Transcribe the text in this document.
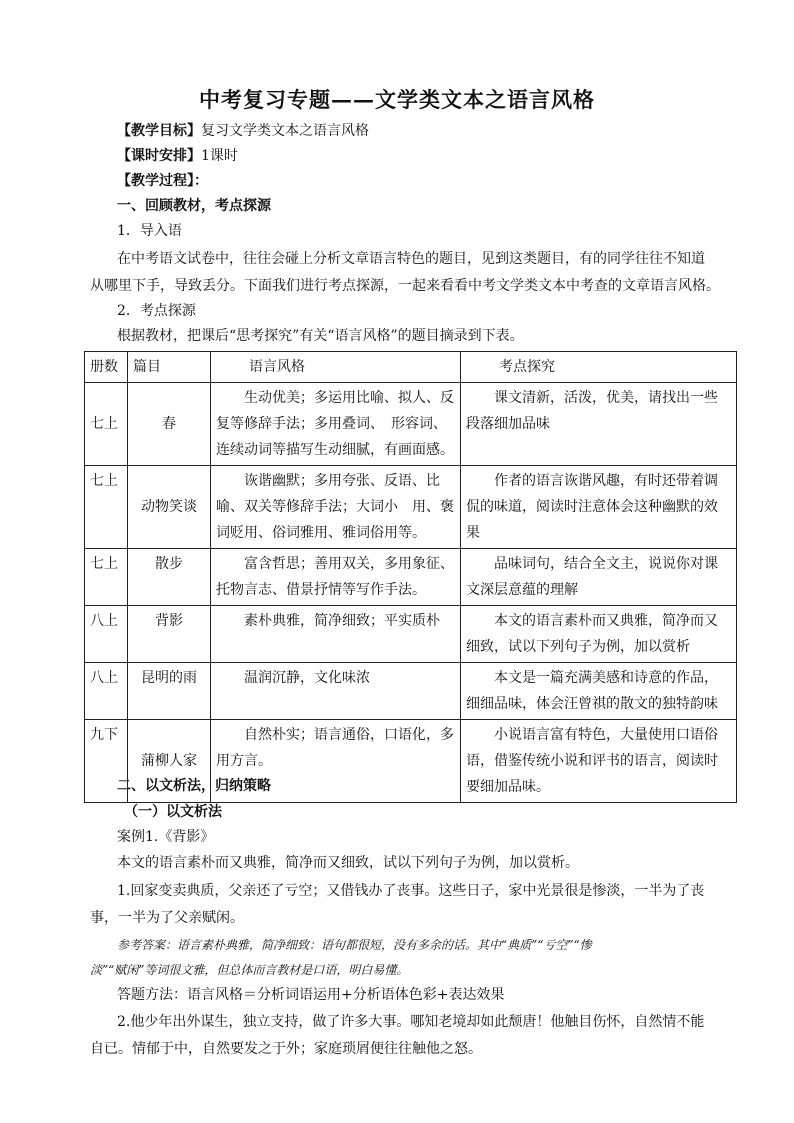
中考复习专题——文学类文本之语言风格
【教学目标】复习文学类文本之语言风格
【课时安排】1课时
【教学过程】：
一、回顾教材，考点探源
1．导入语
在中考语文试卷中，往往会碰上分析文章语言特色的题目，见到这类题目，有的同学往往不知道
从哪里下手，导致丢分。下面我们进行考点探源，一起来看看中考文学类文本中考查的文章语言风格。
2．考点探源
根据教材，把课后“思考探究”有关“语言风格”的题目摘录到下表。
册数	篇目	语言风格	考点探究
七上	春	生动优美；多运用比喻、拟人、反复等修辞手法；多用叠词、　形容词、连续动词等描写生动细腻，有画面感。	课文清新，活泼，优美，请找出一些段落细加品味
七上	动物笑谈	诙谐幽默；多用夸张、反语、比喻、双关等修辞手法；大词小　用、褒词贬用、俗词雅用、雅词俗用等。	作者的语言诙谐风趣，有时还带着调侃的味道，阅读时注意体会这种幽默的效果
七上	散步	富含哲思；善用双关，多用象征、托物言志、借景抒情等写作手法。	品味词句，结合全文主，说说你对课文深层意蕴的理解
八上	背影	素朴典雅，简净细致；平实质朴	本文的语言素朴而又典雅，简净而又细致，试以下列句子为例，加以赏析
八上	昆明的雨	温润沉静，文化味浓	本文是一篇充满美感和诗意的作品，细细品味，体会汪曾祺的散文的独特韵味
九下	蒲柳人家	自然朴实；语言通俗，口语化，多用方言。	小说语言富有特色，大量使用口语俗语，借鉴传统小说和评书的语言，阅读时要细加品味。
二、以文析法，归纳策略
（一）以文析法
案例1.《背影》
本文的语言素朴而又典雅，简净而又细致，试以下列句子为例，加以赏析。
1.回家变卖典质，父亲还了亏空；又借钱办了丧事。这些日子，家中光景很是惨淡，一半为了丧
事，一半为了父亲赋闲。
参考答案：语言素朴典雅，简净细致：语句都很短，没有多余的话。其中“典质”“亏空”“惨
淡”“赋闲”等词很文雅，但总体而言教材是口语，明白易懂。
答题方法：语言风格＝分析词语运用+分析语体色彩+表达效果
2.他少年出外谋生，独立支持，做了许多大事。哪知老境却如此颓唐！他触目伤怀，自然情不能
自已。情郁于中，自然要发之于外；家庭琐屑便往往触他之怒。
